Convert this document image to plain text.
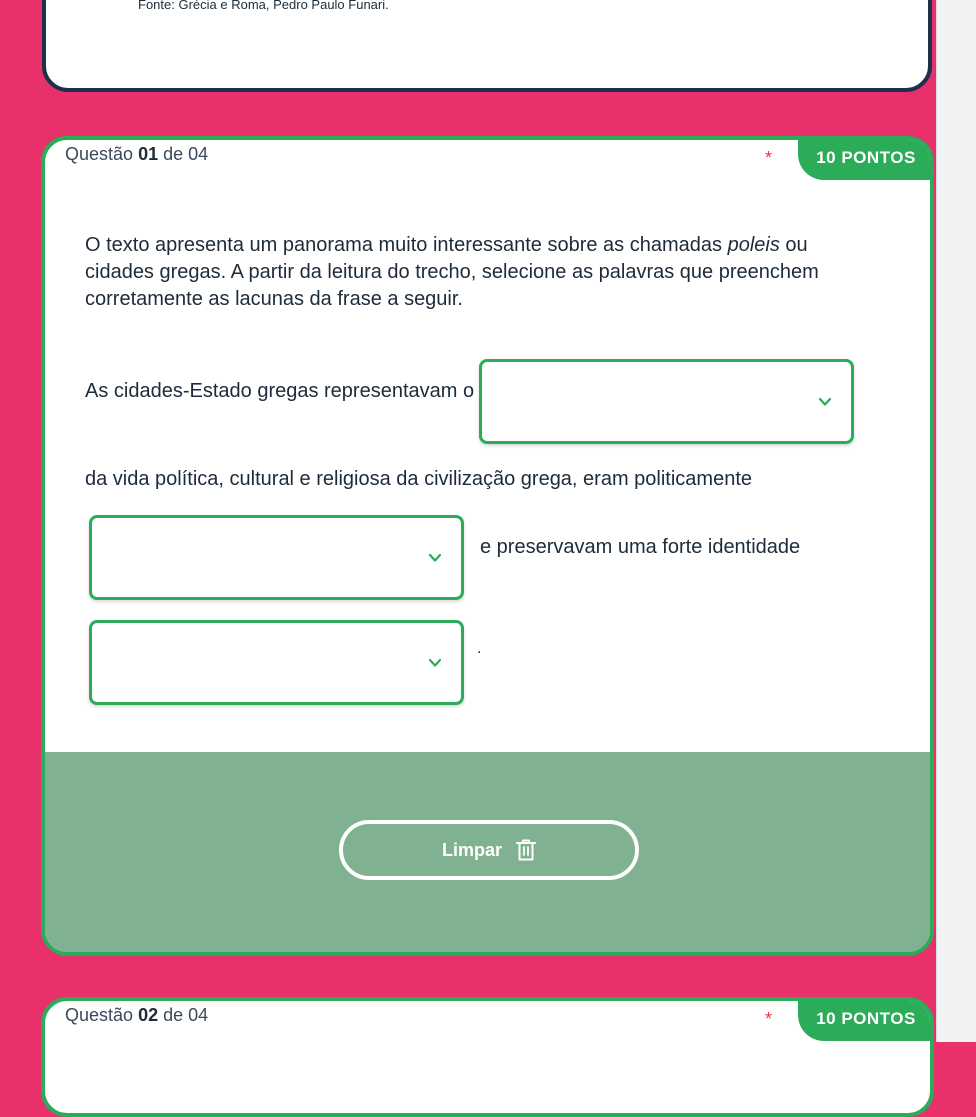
Fonte: Grécia e Roma, Pedro Paulo Funari.
Questão 01 de 04	*	10 PONTOS
O texto apresenta um panorama muito interessante sobre as chamadas poleis ou cidades gregas. A partir da leitura do trecho, selecione as palavras que preenchem corretamente as lacunas da frase a seguir.
As cidades-Estado gregas representavam o
da vida política, cultural e religiosa da civilização grega, eram politicamente
e preservavam uma forte identidade
.
Limpar
Questão 02 de 04	*	10 PONTOS
